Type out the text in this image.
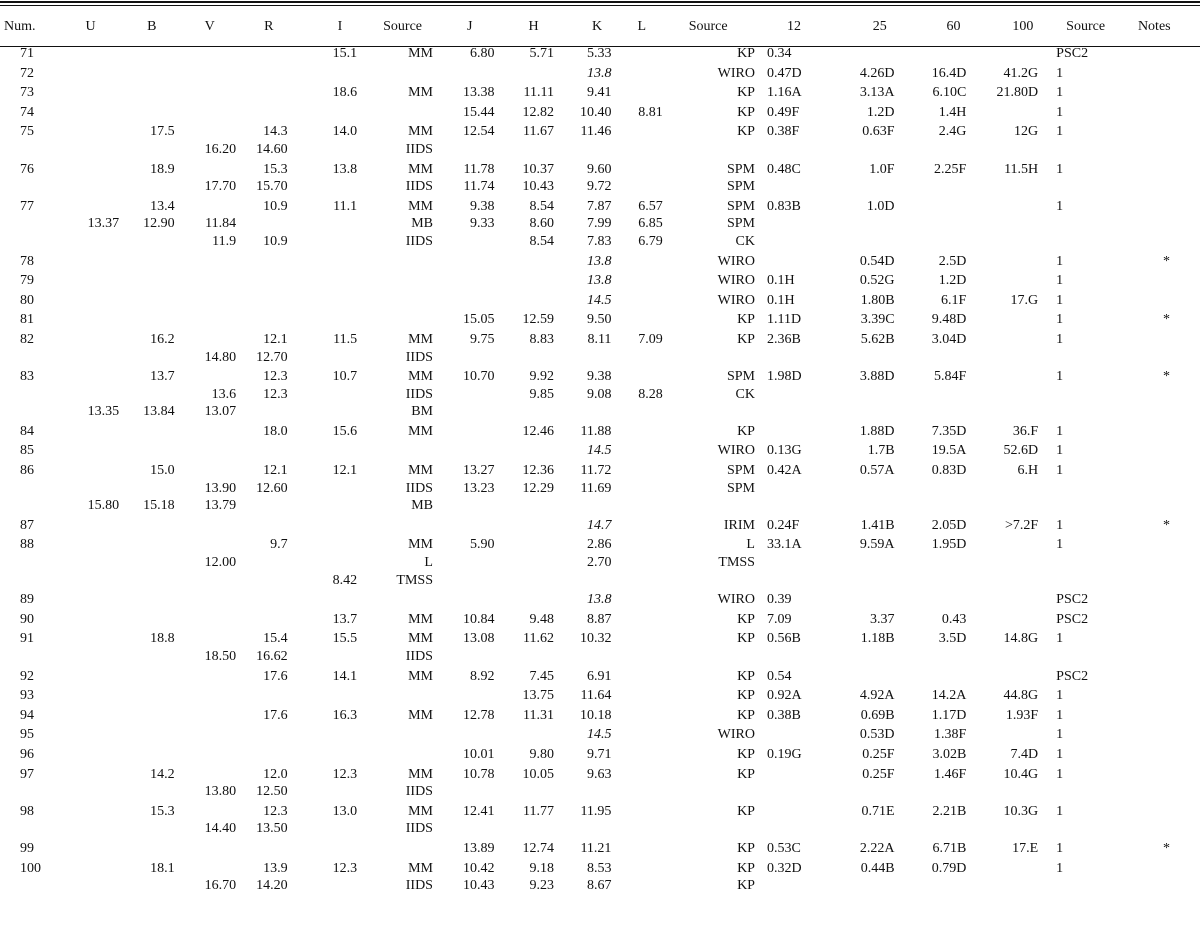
Num.	U	B	V	R	I	Source	J	H	K	L	Source	12	25	60	100	Source	Notes
71					15.1	MM	6.80	5.71	5.33		KP	0.34				PSC2	
72									13.8		WIRO	0.47D	4.26D	16.4D	41.2G	1	
73					18.6	MM	13.38	11.11	9.41		KP	1.16A	3.13A	6.10C	21.80D	1	
74							15.44	12.82	10.40	8.81	KP	0.49F	1.2D	1.4H		1	
75		17.5		14.3	14.0	MM	12.54	11.67	11.46		KP	0.38F	0.63F	2.4G	12G	1	
			16.20	14.60		IIDS											
76		18.9		15.3	13.8	MM	11.78	10.37	9.60		SPM	0.48C	1.0F	2.25F	11.5H	1	
			17.70	15.70		IIDS	11.74	10.43	9.72		SPM						
77		13.4		10.9	11.1	MM	9.38	8.54	7.87	6.57	SPM	0.83B	1.0D			1	
	13.37	12.90	11.84			MB	9.33	8.60	7.99	6.85	SPM						
			11.9	10.9		IIDS		8.54	7.83	6.79	CK						
78									13.8		WIRO		0.54D	2.5D		1	*
79									13.8		WIRO	0.1H	0.52G	1.2D		1	
80									14.5		WIRO	0.1H	1.80B	6.1F	17.G	1	
81							15.05	12.59	9.50		KP	1.11D	3.39C	9.48D		1	*
82		16.2		12.1	11.5	MM	9.75	8.83	8.11	7.09	KP	2.36B	5.62B	3.04D		1	
			14.80	12.70		IIDS											
83		13.7		12.3	10.7	MM	10.70	9.92	9.38		SPM	1.98D	3.88D	5.84F		1	*
			13.6	12.3		IIDS		9.85	9.08	8.28	CK						
	13.35	13.84	13.07			BM											
84				18.0	15.6	MM		12.46	11.88		KP		1.88D	7.35D	36.F	1	
85									14.5		WIRO	0.13G	1.7B	19.5A	52.6D	1	
86		15.0		12.1	12.1	MM	13.27	12.36	11.72		SPM	0.42A	0.57A	0.83D	6.H	1	
			13.90	12.60		IIDS	13.23	12.29	11.69		SPM						
	15.80	15.18	13.79			MB											
87									14.7		IRIM	0.24F	1.41B	2.05D	>7.2F	1	*
88				9.7		MM	5.90		2.86		L	33.1A	9.59A	1.95D		1	
			12.00			L			2.70		TMSS						
					8.42	TMSS											
89									13.8		WIRO	0.39				PSC2	
90					13.7	MM	10.84	9.48	8.87		KP	7.09	3.37	0.43		PSC2	
91		18.8		15.4	15.5	MM	13.08	11.62	10.32		KP	0.56B	1.18B	3.5D	14.8G	1	
			18.50	16.62		IIDS											
92				17.6	14.1	MM	8.92	7.45	6.91		KP	0.54				PSC2	
93								13.75	11.64		KP	0.92A	4.92A	14.2A	44.8G	1	
94				17.6	16.3	MM	12.78	11.31	10.18		KP	0.38B	0.69B	1.17D	1.93F	1	
95									14.5		WIRO		0.53D	1.38F		1	
96							10.01	9.80	9.71		KP	0.19G	0.25F	3.02B	7.4D	1	
97		14.2		12.0	12.3	MM	10.78	10.05	9.63		KP		0.25F	1.46F	10.4G	1	
			13.80	12.50		IIDS											
98		15.3		12.3	13.0	MM	12.41	11.77	11.95		KP		0.71E	2.21B	10.3G	1	
			14.40	13.50		IIDS											
99							13.89	12.74	11.21		KP	0.53C	2.22A	6.71B	17.E	1	*
100		18.1		13.9	12.3	MM	10.42	9.18	8.53		KP	0.32D	0.44B	0.79D		1	
			16.70	14.20		IIDS	10.43	9.23	8.67		KP						
